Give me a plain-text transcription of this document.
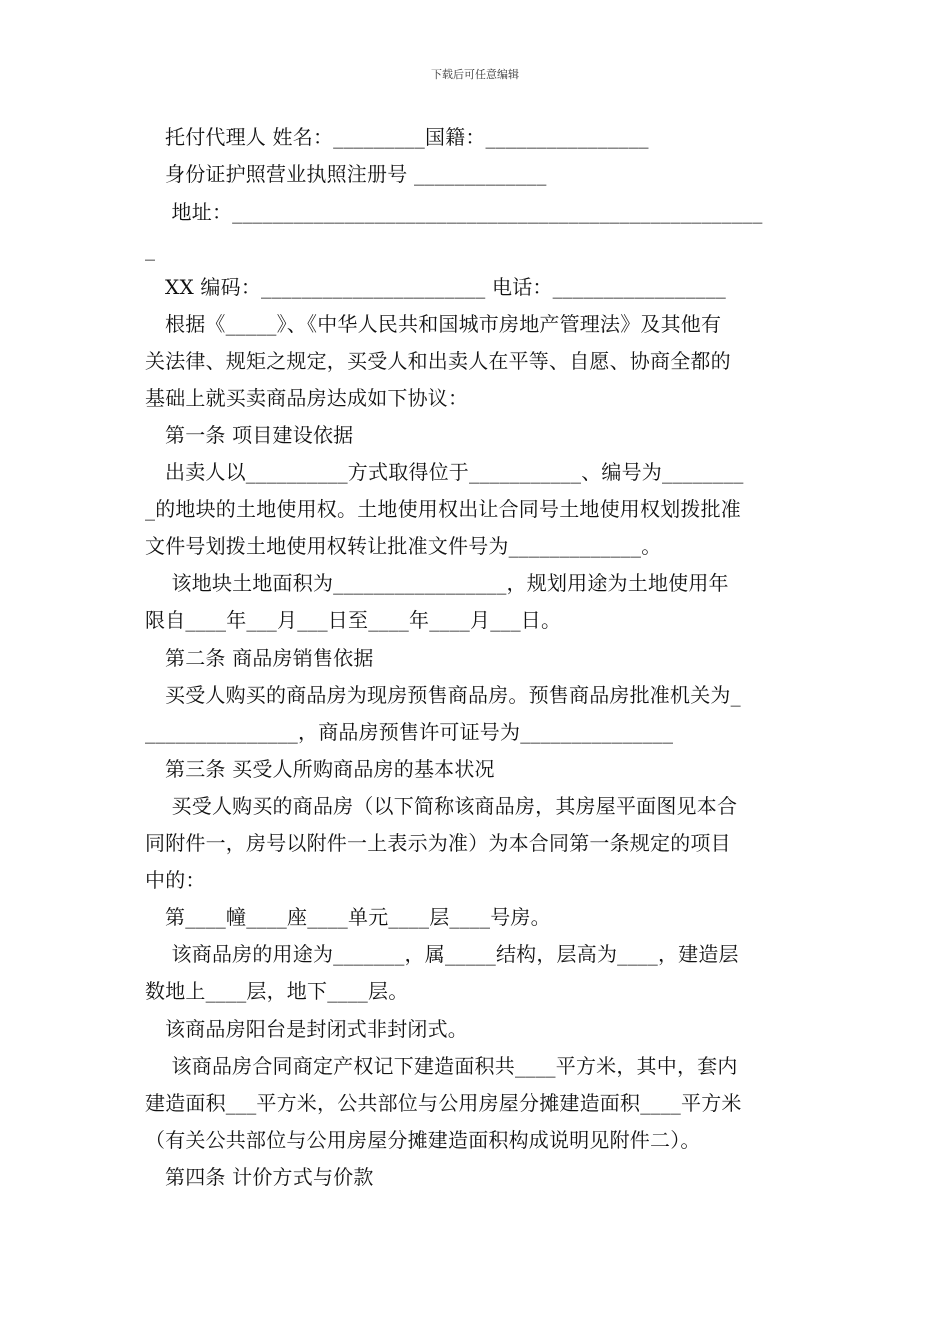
下载后可任意编辑
托付代理人 姓名：_________国籍：________________
身份证护照营业执照注册号 _____________
地址：____________________________________________________
_
XX 编码：______________________ 电话：_________________
根据《_____》、《中华人民共和国城市房地产管理法》及其他有
关法律、规矩之规定，买受人和出卖人在平等、自愿、协商全都的
基础上就买卖商品房达成如下协议：
第一条 项目建设依据
出卖人以__________方式取得位于___________、编号为________
_的地块的土地使用权。土地使用权出让合同号土地使用权划拨批准
文件号划拨土地使用权转让批准文件号为_____________。
该地块土地面积为_________________，规划用途为土地使用年
限自____年___月___日至____年____月___日。
第二条 商品房销售依据
买受人购买的商品房为现房预售商品房。预售商品房批准机关为_
_______________，商品房预售许可证号为_______________
第三条 买受人所购商品房的基本状况
买受人购买的商品房（以下简称该商品房，其房屋平面图见本合
同附件一，房号以附件一上表示为准）为本合同第一条规定的项目
中的：
第____幢____座____单元____层____号房。
该商品房的用途为_______，属_____结构，层高为____，建造层
数地上____层，地下____层。
该商品房阳台是封闭式非封闭式。
该商品房合同商定产权记下建造面积共____平方米，其中，套内
建造面积___平方米，公共部位与公用房屋分摊建造面积____平方米
（有关公共部位与公用房屋分摊建造面积构成说明见附件二）。
第四条 计价方式与价款
